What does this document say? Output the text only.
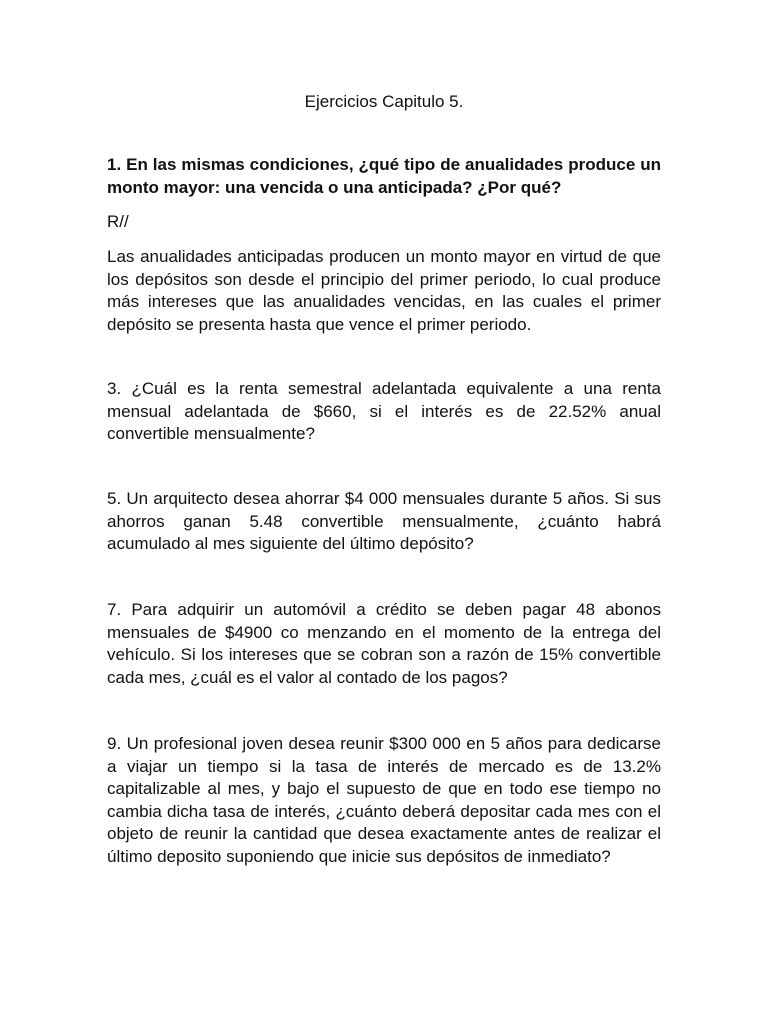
Ejercicios Capitulo 5.
1. En las mismas condiciones, ¿qué tipo de anualidades produce un monto mayor: una vencida o una anticipada? ¿Por qué?
R//
Las anualidades anticipadas producen un monto mayor en virtud de que los depósitos son desde el principio del primer periodo, lo cual produce más intereses que las anualidades vencidas, en las cuales el primer depósito se presenta hasta que vence el primer periodo.
3. ¿Cuál es la renta semestral adelantada equivalente a una renta mensual adelantada de $660, si el interés es de 22.52% anual convertible mensualmente?
5. Un arquitecto desea ahorrar $4 000 mensuales durante 5 años. Si sus ahorros ganan 5.48 convertible mensualmente, ¿cuánto habrá acumulado al mes siguiente del último depósito?
7. Para adquirir un automóvil a crédito se deben pagar 48 abonos mensuales de $4900 co menzando en el momento de la entrega del vehículo. Si los intereses que se cobran son a razón de 15% convertible cada mes, ¿cuál es el valor al contado de los pagos?
9. Un profesional joven desea reunir $300 000 en 5 años para dedicarse a viajar un tiempo si la tasa de interés de mercado es de 13.2% capitalizable al mes, y bajo el supuesto de que en todo ese tiempo no cambia dicha tasa de interés, ¿cuánto deberá depositar cada mes con el objeto de reunir la cantidad que desea exactamente antes de realizar el último deposito suponiendo que inicie sus depósitos de inmediato?
